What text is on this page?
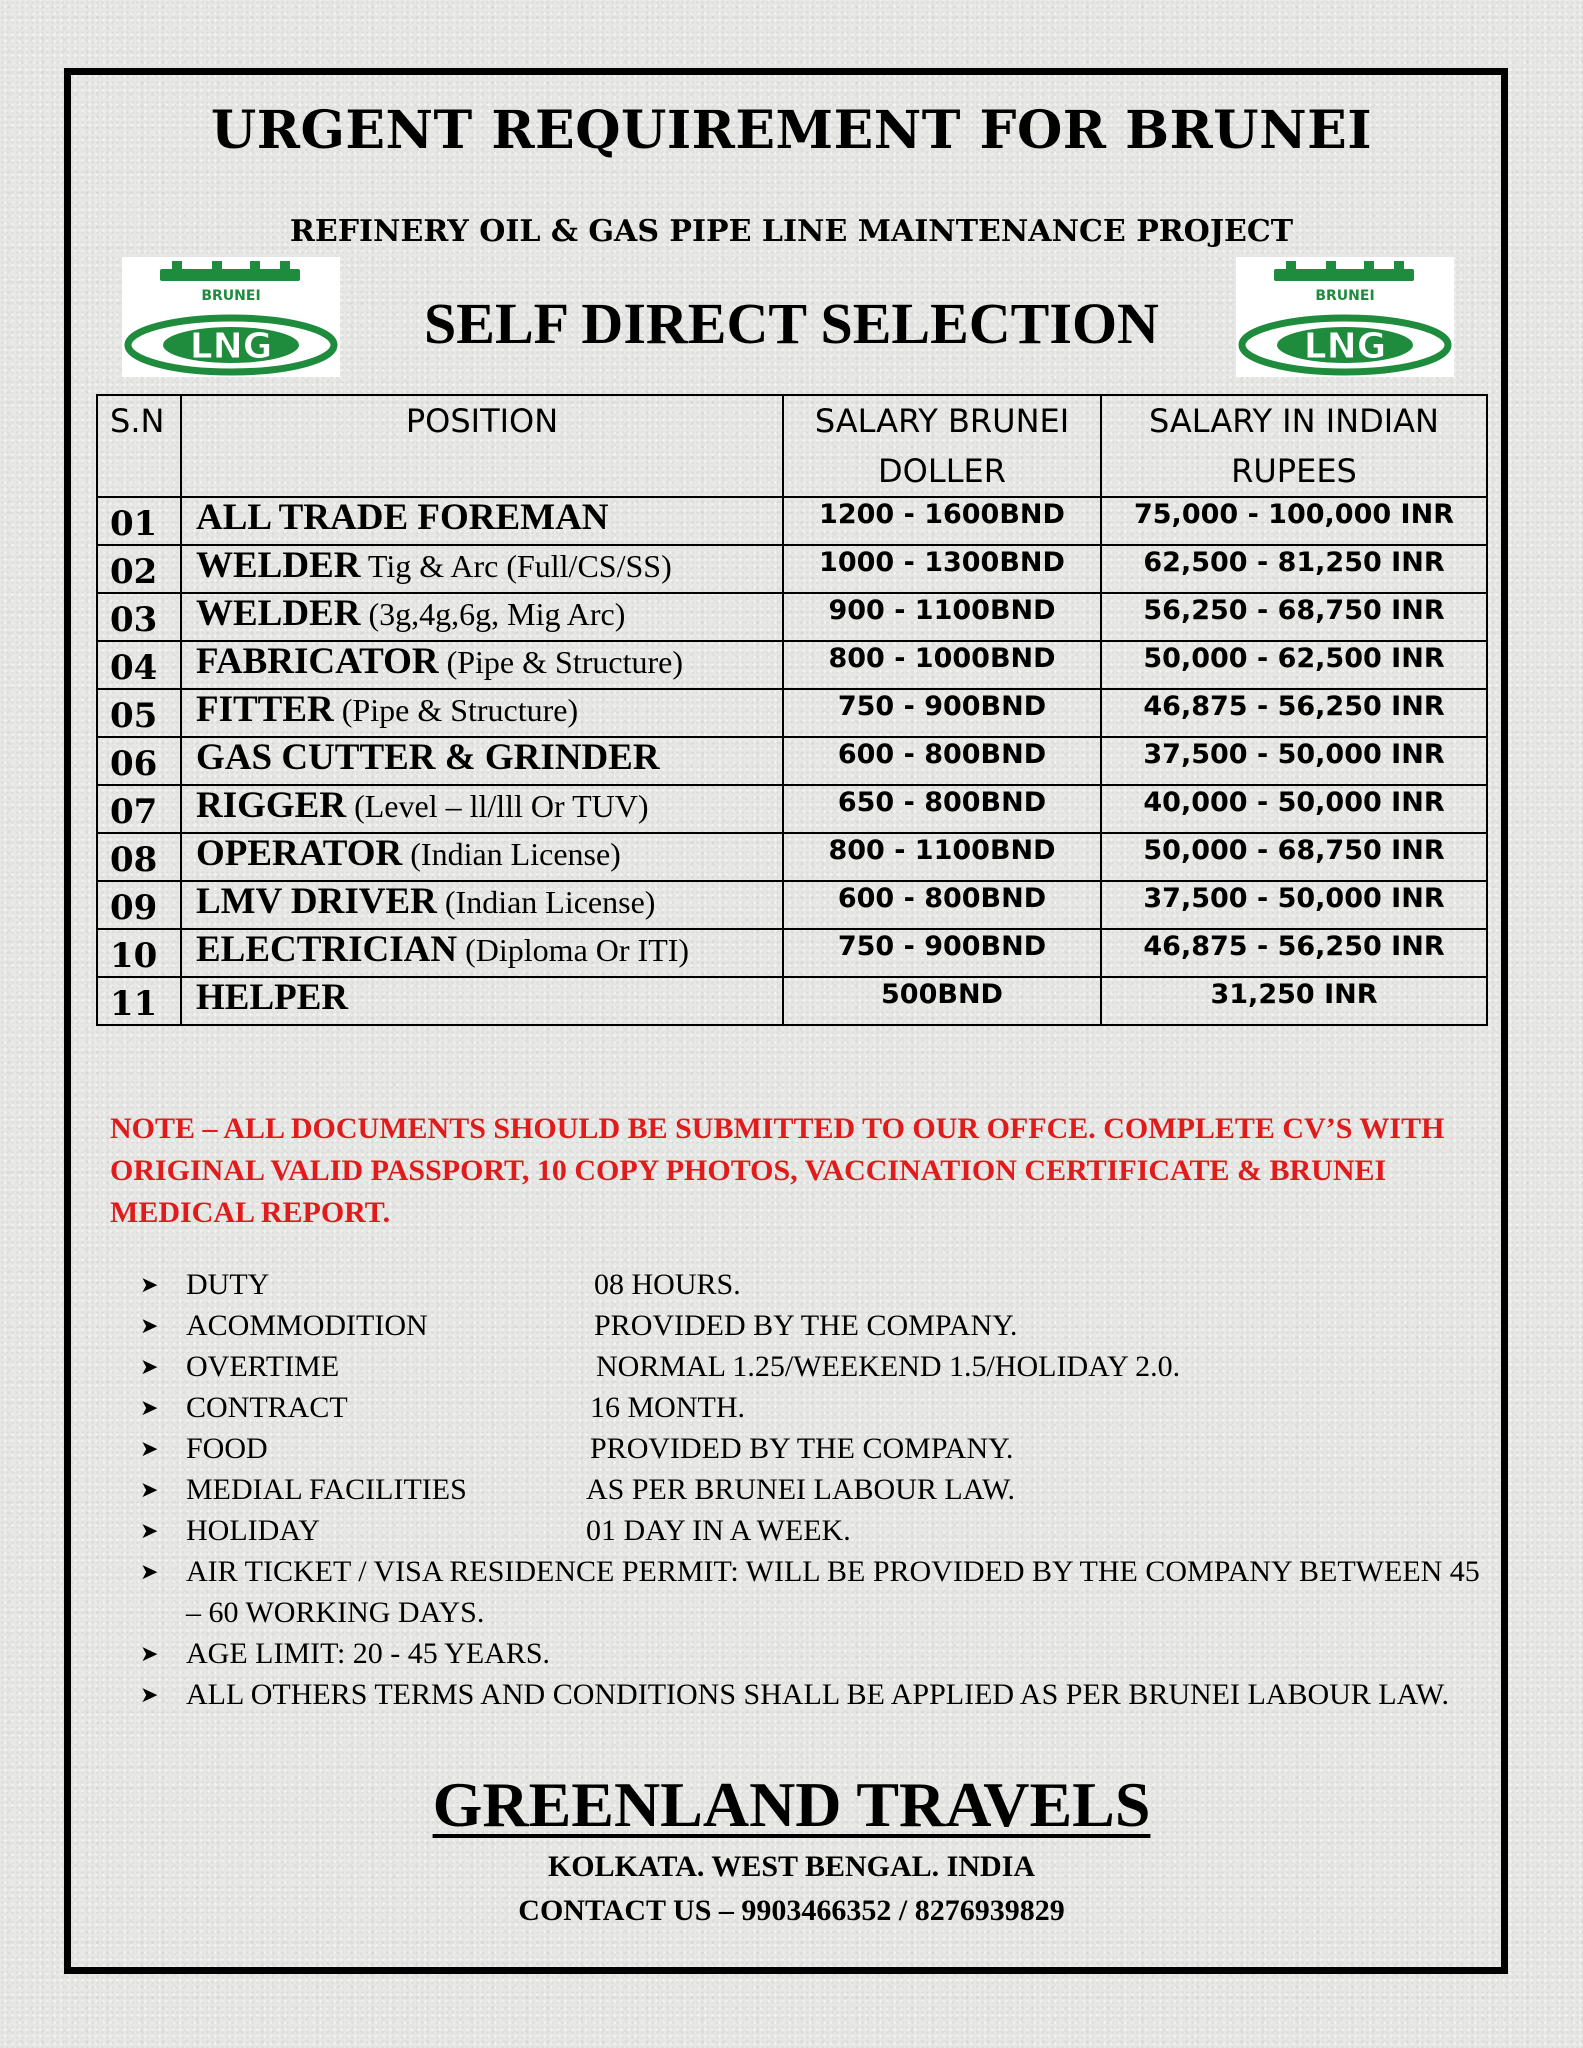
URGENT REQUIREMENT FOR BRUNEI
REFINERY OIL & GAS PIPE LINE MAINTENANCE PROJECT
BRUNEI
LNG	SELF DIRECT SELECTION	BRUNEI
LNG
S.N	POSITION	SALARY BRUNEI DOLLER	SALARY IN INDIAN RUPEES
01	ALL TRADE FOREMAN	1200 - 1600BND	75,000 - 100,000 INR
02	WELDER Tig & Arc (Full/CS/SS)	1000 - 1300BND	62,500 - 81,250 INR
03	WELDER (3g,4g,6g, Mig Arc)	900 - 1100BND	56,250 - 68,750 INR
04	FABRICATOR (Pipe & Structure)	800 - 1000BND	50,000 - 62,500 INR
05	FITTER (Pipe & Structure)	750 - 900BND	46,875 - 56,250 INR
06	GAS CUTTER & GRINDER	600 - 800BND	37,500 - 50,000 INR
07	RIGGER (Level – ll/lll Or TUV)	650 - 800BND	40,000 - 50,000 INR
08	OPERATOR (Indian License)	800 - 1100BND	50,000 - 68,750 INR
09	LMV DRIVER (Indian License)	600 - 800BND	37,500 - 50,000 INR
10	ELECTRICIAN (Diploma Or ITI)	750 - 900BND	46,875 - 56,250 INR
11	HELPER	500BND	31,250 INR
NOTE – ALL DOCUMENTS SHOULD BE SUBMITTED TO OUR OFFCE. COMPLETE CV’S WITH ORIGINAL VALID PASSPORT, 10 COPY PHOTOS, VACCINATION CERTIFICATE & BRUNEI MEDICAL REPORT.
➤ DUTY	08 HOURS.
➤ ACOMMODITION	PROVIDED BY THE COMPANY.
➤ OVERTIME	NORMAL 1.25/WEEKEND 1.5/HOLIDAY 2.0.
➤ CONTRACT	16 MONTH.
➤ FOOD	PROVIDED BY THE COMPANY.
➤ MEDIAL FACILITIES	AS PER BRUNEI LABOUR LAW.
➤ HOLIDAY	01 DAY IN A WEEK.
➤ AIR TICKET / VISA RESIDENCE PERMIT: WILL BE PROVIDED BY THE COMPANY BETWEEN 45 – 60 WORKING DAYS.
➤ AGE LIMIT: 20 - 45 YEARS.
➤ ALL OTHERS TERMS AND CONDITIONS SHALL BE APPLIED AS PER BRUNEI LABOUR LAW.
GREENLAND TRAVELS
KOLKATA. WEST BENGAL. INDIA
CONTACT US – 9903466352 / 8276939829
